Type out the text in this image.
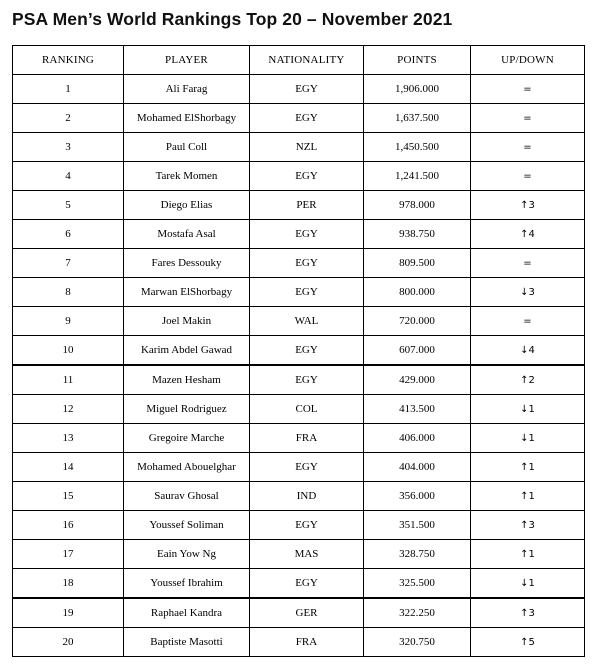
PSA Men’s World Rankings Top 20 – November 2021
RANKING	PLAYER	NATIONALITY	POINTS	UP/DOWN
1	Ali Farag	EGY	1,906.000	=
2	Mohamed ElShorbagy	EGY	1,637.500	=
3	Paul Coll	NZL	1,450.500	=
4	Tarek Momen	EGY	1,241.500	=
5	Diego Elias	PER	978.000	↑3
6	Mostafa Asal	EGY	938.750	↑4
7	Fares Dessouky	EGY	809.500	=
8	Marwan ElShorbagy	EGY	800.000	↓3
9	Joel Makin	WAL	720.000	=
10	Karim Abdel Gawad	EGY	607.000	↓4
11	Mazen Hesham	EGY	429.000	↑2
12	Miguel Rodriguez	COL	413.500	↓1
13	Gregoire Marche	FRA	406.000	↓1
14	Mohamed Abouelghar	EGY	404.000	↑1
15	Saurav Ghosal	IND	356.000	↑1
16	Youssef Soliman	EGY	351.500	↑3
17	Eain Yow Ng	MAS	328.750	↑1
18	Youssef Ibrahim	EGY	325.500	↓1
19	Raphael Kandra	GER	322.250	↑3
20	Baptiste Masotti	FRA	320.750	↑5
